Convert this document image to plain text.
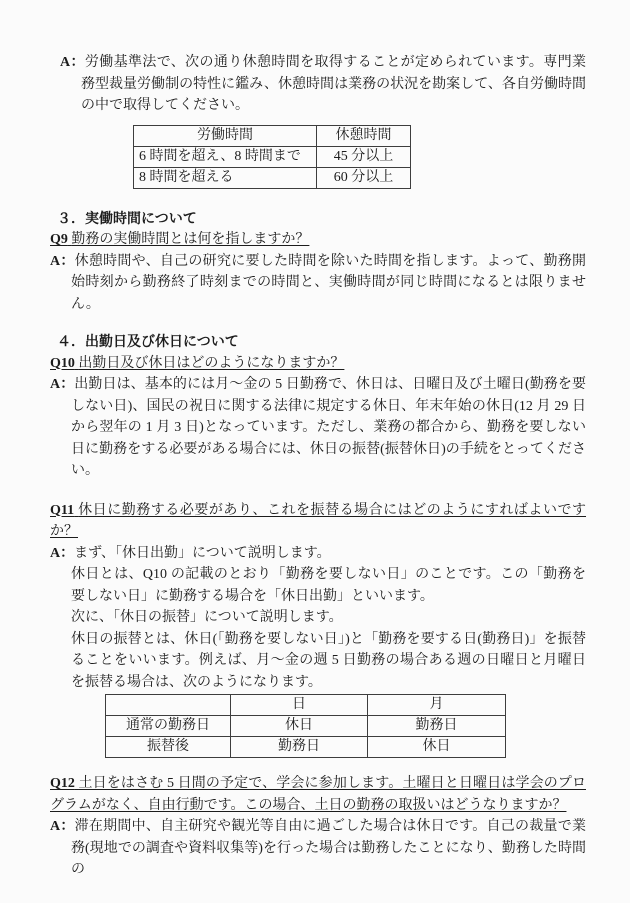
A：労働基準法で、次の通り休憩時間を取得することが定められています。専門業務型裁量労働制の特性に鑑み、休憩時間は業務の状況を勘案して、各自労働時間の中で取得してください。

労働時間	休憩時間
6 時間を超え、8 時間まで	45 分以上
8 時間を超える	60 分以上
３．実働時間について

Q9 勤務の実働時間とは何を指しますか？

A：休憩時間や、自己の研究に要した時間を除いた時間を指します。よって、勤務開始時刻から勤務終了時刻までの時間と、実働時間が同じ時間になるとは限りません。

４．出勤日及び休日について

Q10 出勤日及び休日はどのようになりますか？

A：出勤日は、基本的には月～金の 5 日勤務で、休日は、日曜日及び土曜日(勤務を要しない日)、国民の祝日に関する法律に規定する休日、年末年始の休日(12 月 29 日から翌年の 1 月 3 日)となっています。ただし、業務の都合から、勤務を要しない日に勤務をする必要がある場合には、休日の振替(振替休日)の手続をとってください。

Q11 休日に勤務する必要があり、これを振替る場合にはどのようにすればよいですか？

A：まず、「休日出勤」について説明します。

休日とは、Q10 の記載のとおり「勤務を要しない日」のことです。この「勤務を要しない日」に勤務する場合を「休日出勤」といいます。

次に、「休日の振替」について説明します。

休日の振替とは、休日(「勤務を要しない日」)と「勤務を要する日(勤務日)」を振替ることをいいます。例えば、月～金の週 5 日勤務の場合ある週の日曜日と月曜日を振替る場合は、次のようになります。

	日	月
通常の勤務日	休日	勤務日
振替後	勤務日	休日

Q12 土日をはさむ 5 日間の予定で、学会に参加します。土曜日と日曜日は学会のプログラムがなく、自由行動です。この場合、土日の勤務の取扱いはどうなりますか？

A：滞在期間中、自主研究や観光等自由に過ごした場合は休日です。自己の裁量で業務(現地での調査や資料収集等)を行った場合は勤務したことになり、勤務した時間の
